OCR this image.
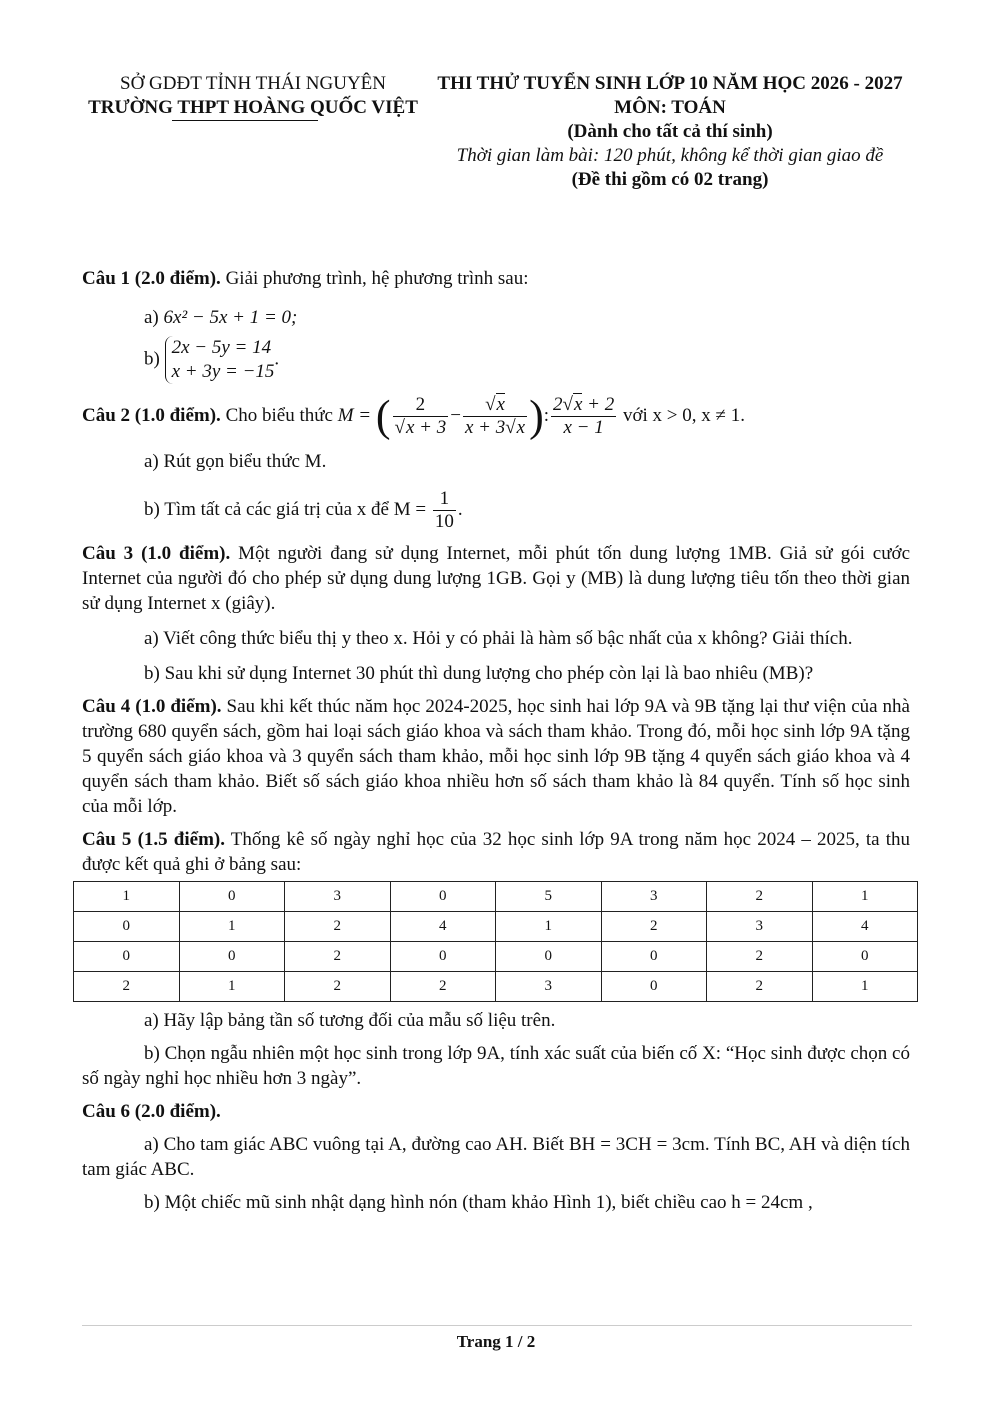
SỞ GDĐT TỈNH THÁI NGUYÊN
TRƯỜNG THPT HOÀNG QUỐC VIỆT
THI THỬ TUYỂN SINH LỚP 10 NĂM HỌC 2026 - 2027
MÔN: TOÁN
(Dành cho tất cả thí sinh)
Thời gian làm bài: 120 phút, không kể thời gian giao đề
(Đề thi gồm có 02 trang)

Câu 1 (2.0 điểm). Giải phương trình, hệ phương trình sau:

a) 6x² − 5x + 1 = 0;

b)
2x − 5y = 14
x + 3y = −15
.

Câu 2 (1.0 điểm). Cho biểu thức M = ( $\frac{2}{√x + 3} - \frac{√x}{x + 3√x}$ ): $\frac{2√x + 2}{x - 1}$ với x > 0, x ≠ 1.

a) Rút gọn biểu thức M.

b) Tìm tất cả các giá trị của x để $M = \frac{1}{10}$ .

Câu 3 (1.0 điểm). Một người đang sử dụng Internet, mỗi phút tốn dung lượng 1MB. Giả sử gói cước Internet của người đó cho phép sử dụng dung lượng 1GB. Gọi y (MB) là dung lượng tiêu tốn theo thời gian sử dụng Internet x (giây).

a) Viết công thức biểu thị y theo x. Hỏi y có phải là hàm số bậc nhất của x không? Giải thích.

b) Sau khi sử dụng Internet 30 phút thì dung lượng cho phép còn lại là bao nhiêu (MB)?

Câu 4 (1.0 điểm). Sau khi kết thúc năm học 2024-2025, học sinh hai lớp 9A và 9B tặng lại thư viện của nhà trường 680 quyển sách, gồm hai loại sách giáo khoa và sách tham khảo. Trong đó, mỗi học sinh lớp 9A tặng 5 quyển sách giáo khoa và 3 quyển sách tham khảo, mỗi học sinh lớp 9B tặng 4 quyển sách giáo khoa và 4 quyển sách tham khảo. Biết số sách giáo khoa nhiều hơn số sách tham khảo là 84 quyển. Tính số học sinh của mỗi lớp.

Câu 5 (1.5 điểm). Thống kê số ngày nghỉ học của 32 học sinh lớp 9A trong năm học 2024 – 2025, ta thu được kết quả ghi ở bảng sau:

1	0	3	0	5	3	2	1
0	1	2	4	1	2	3	4
0	0	2	0	0	0	2	0
2	1	2	2	3	0	2	1

a) Hãy lập bảng tần số tương đối của mẫu số liệu trên.

b) Chọn ngẫu nhiên một học sinh trong lớp 9A, tính xác suất của biến cố X: “Học sinh được chọn có số ngày nghỉ học nhiều hơn 3 ngày”.

Câu 6 (2.0 điểm).

a) Cho tam giác ABC vuông tại A, đường cao AH. Biết BH = 3CH = 3cm. Tính BC, AH và diện tích tam giác ABC.

b) Một chiếc mũ sinh nhật dạng hình nón (tham khảo Hình 1), biết chiều cao h = 24cm ,

Trang 1 / 2
